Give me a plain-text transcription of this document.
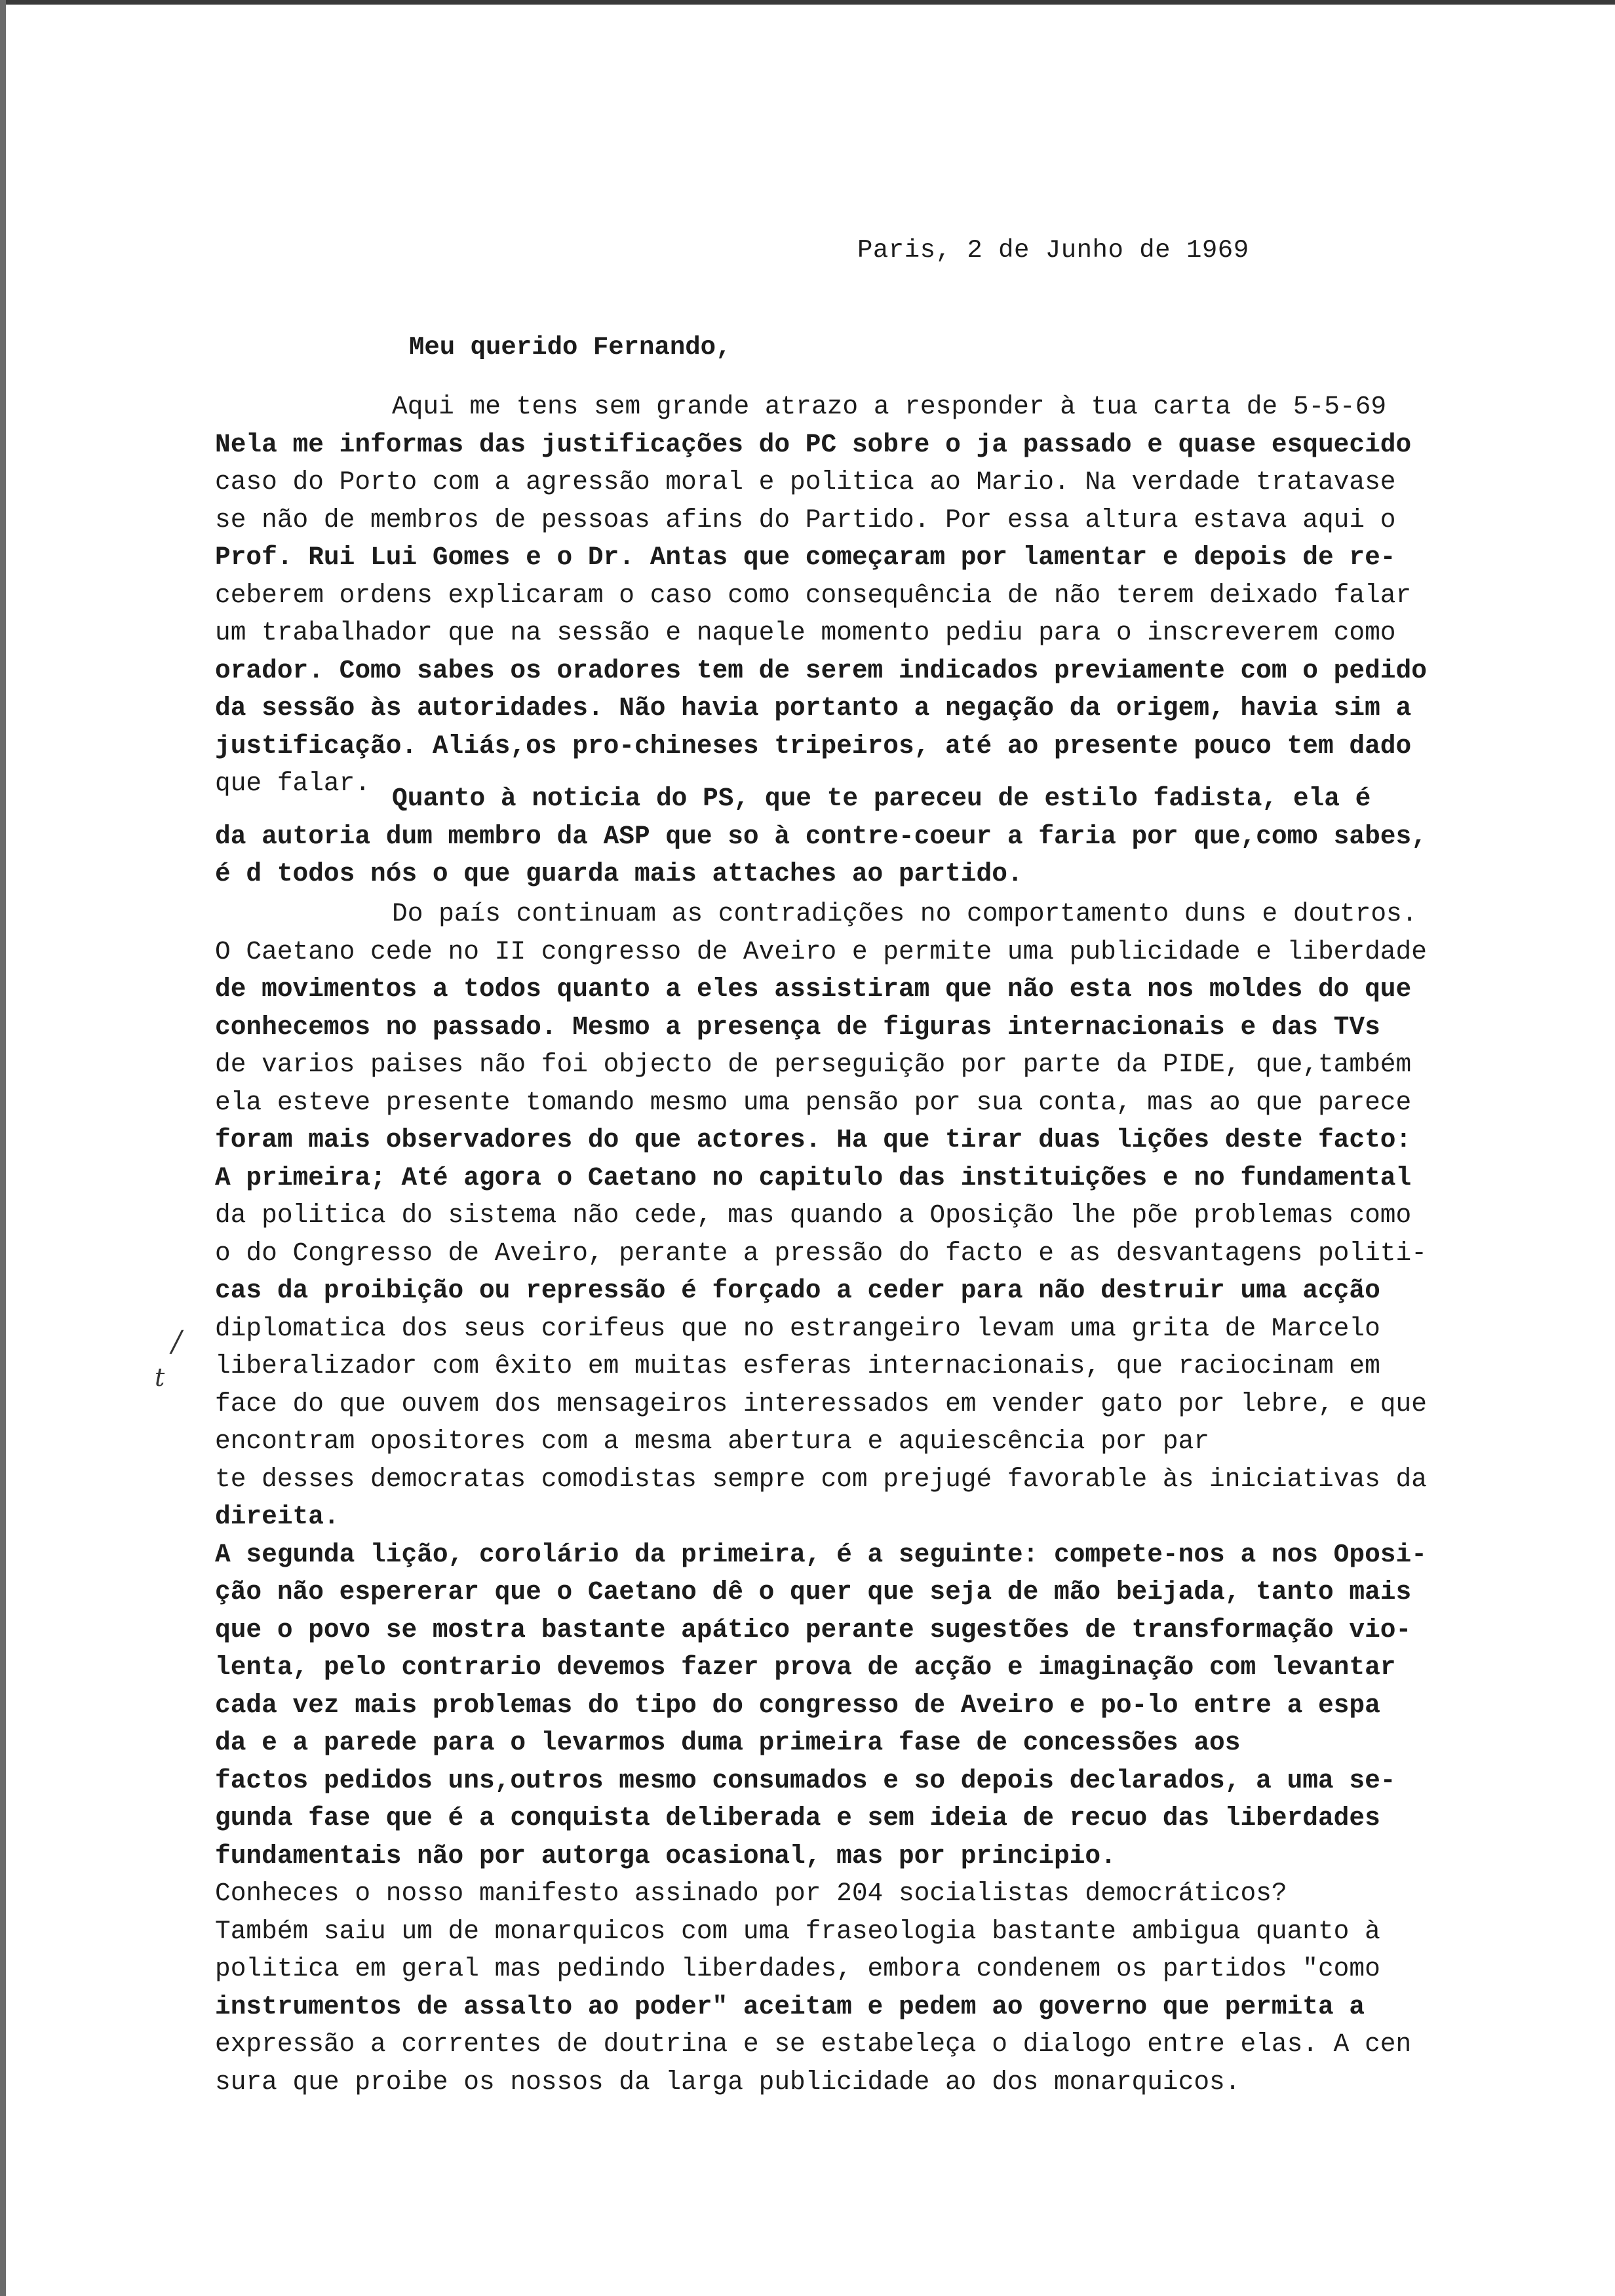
Paris, 2 de Junho de 1969
Meu querido Fernando,
Aqui me tens sem grande atrazo a responder à tua carta de 5-5-69
Nela me informas das justificações do PC sobre o ja passado e quase esquecido
caso do Porto com a agressão moral e politica ao Mario. Na verdade tratavase
se não de membros de pessoas afins do Partido. Por essa altura estava aqui o
Prof. Rui Lui Gomes e o Dr. Antas que começaram por lamentar e depois de re-
ceberem ordens explicaram o caso como consequência de não terem deixado falar
um trabalhador que na sessão e naquele momento pediu para o inscreverem como
orador. Como sabes os oradores tem de serem indicados previamente com o pedido
da sessão às autoridades. Não havia portanto a negação da origem, havia sim a
justificação. Aliás,os pro-chineses tripeiros, até ao presente pouco tem dado
que falar.
Quanto à noticia do PS, que te pareceu de estilo fadista, ela é
da autoria dum membro da ASP que so à contre-coeur a faria por que,como sabes,
é d todos nós o que guarda mais attaches ao partido.
Do país continuam as contradições no comportamento duns e doutros.
O Caetano cede no II congresso de Aveiro e permite uma publicidade e liberdade
de movimentos a todos quanto a eles assistiram que não esta nos moldes do que
conhecemos no passado. Mesmo a presença de figuras internacionais e das TVs
de varios paises não foi objecto de perseguição por parte da PIDE, que,também
ela esteve presente tomando mesmo uma pensão por sua conta, mas ao que parece
foram mais observadores do que actores. Ha que tirar duas lições deste facto:
A primeira; Até agora o Caetano no capitulo das instituições e no fundamental
da politica do sistema não cede, mas quando a Oposição lhe põe problemas como
o do Congresso de Aveiro, perante a pressão do facto e as desvantagens politi-
cas da proibição ou repressão é forçado a ceder para não destruir uma acção
diplomatica dos seus corifeus que no estrangeiro levam uma grita de Marcelo
liberalizador com êxito em muitas esferas internacionais, que raciocinam em
face do que ouvem dos mensageiros interessados em vender gato por lebre, e que
encontram opositores com a mesma abertura e aquiescência por par
te desses democratas comodistas sempre com prejugé favorable às iniciativas da
direita.
A segunda lição, corolário da primeira, é a seguinte: compete-nos a nos Oposi-
ção não espererar que o Caetano dê o quer que seja de mão beijada, tanto mais
que o povo se mostra bastante apático perante sugestões de transformação vio-
lenta, pelo contrario devemos fazer prova de acção e imaginação com levantar
cada vez mais problemas do tipo do congresso de Aveiro e po-lo entre a espa
da e a parede para o levarmos duma primeira fase de concessões aos
factos pedidos uns,outros mesmo consumados e so depois declarados, a uma se-
gunda fase que é a conquista deliberada e sem ideia de recuo das liberdades
fundamentais não por autorga ocasional, mas por principio.
Conheces o nosso manifesto assinado por 204 socialistas democráticos?
Também saiu um de monarquicos com uma fraseologia bastante ambigua quanto à
politica em geral mas pedindo liberdades, embora condenem os partidos "como
instrumentos de assalto ao poder" aceitam e pedem ao governo que permita a
expressão a correntes de doutrina e se estabeleça o dialogo entre elas. A cen
sura que proibe os nossos da larga publicidade ao dos monarquicos.
/
t
